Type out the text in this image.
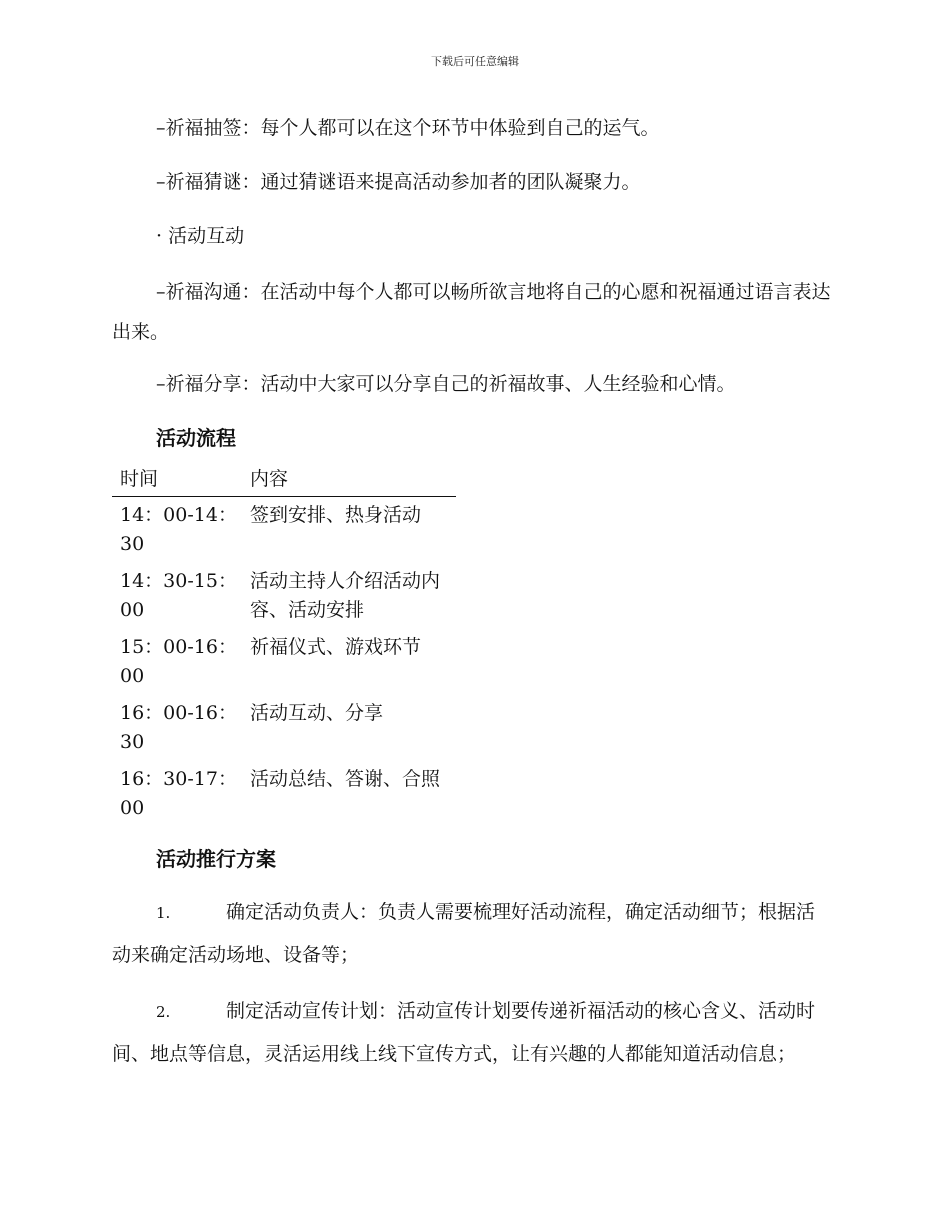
下载后可任意编辑

–祈福抽签：每个人都可以在这个环节中体验到自己的运气。

–祈福猜谜：通过猜谜语来提高活动参加者的团队凝聚力。

· 活动互动

–祈福沟通：在活动中每个人都可以畅所欲言地将自己的心愿和祝福通过语言表达出来。

–祈福分享：活动中大家可以分享自己的祈福故事、人生经验和心情。

活动流程

时间	内容
14：00-14：30	签到安排、热身活动
14：30-15：00	活动主持人介绍活动内容、活动安排
15：00-16：00	祈福仪式、游戏环节
16：00-16：30	活动互动、分享
16：30-17：00	活动总结、答谢、合照

活动推行方案

1.	确定活动负责人：负责人需要梳理好活动流程，确定活动细节；根据活动来确定活动场地、设备等；

2.	制定活动宣传计划：活动宣传计划要传递祈福活动的核心含义、活动时间、地点等信息，灵活运用线上线下宣传方式，让有兴趣的人都能知道活动信息；
